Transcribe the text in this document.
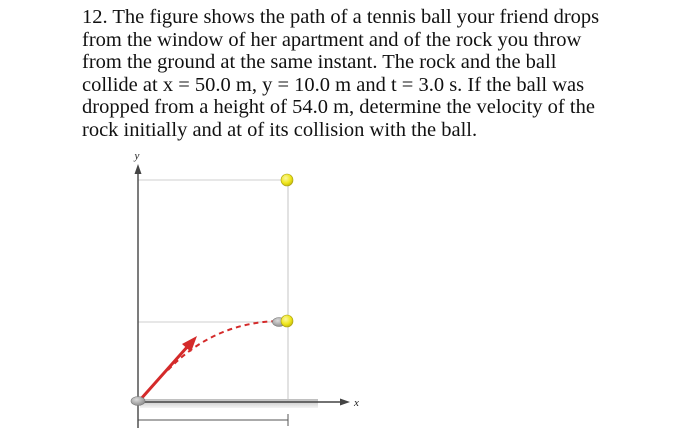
12. The figure shows the path of a tennis ball your friend drops
from the window of her apartment and of the rock you throw
from the ground at the same instant. The rock and the ball
collide at x = 50.0 m, y = 10.0 m and t = 3.0 s. If the ball was
dropped from a height of 54.0 m, determine the velocity of the
rock initially and at of its collision with the ball.
y
x
